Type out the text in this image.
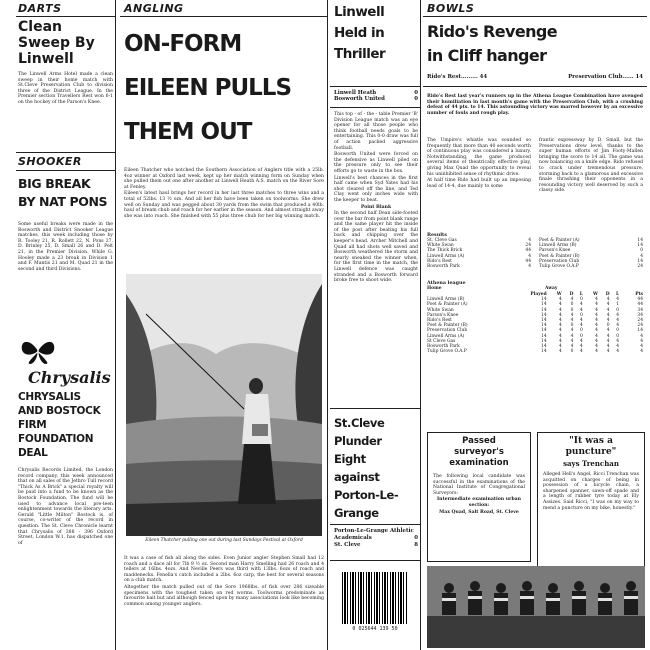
DARTS
Clean
Sweep By
Linwell
The Linwell Arms Hotel made a clean sweep in their home match with St.Cleve Preservation Club to division three of the District League. In the Premier section Travellers Rest won 6-1 on the hockey of the Parson's Knee.
SHOOKER
BIG BREAK
BY NAT PONS
Some useful breaks were made in the Bosworth and District Snooker League matches, this week including those by R. Tooley 21, R. Rollett 22, N. Pons 27, D. Brinley 25, D. Small 26 and D. Pelt 21, in the Premier Division. While G. Hooley made a 23 break in Division 1 and F. Mantis 21 and M. Quad 21 in the second and third Divisions.
Chrysalis
CHRYSALIS
AND BOSTOCK
FIRM
FOUNDATION
DEAL
Chrysalis Records Limited, the London record company, this week announced that on all sales of the Jethro Tull record "Thick As A Brick" a special royalty will be paid into a fund to be known as the Bostock Foundation. The fund will be used to advance local pre-teen enlightenment towards the literary arts. Gerald "Little Milton" Bostock is, of course, co-writer of the record in question. The St. Cleve Chronicle learnt that Chrysalis of 388 - 396 Oxford Street, London W.1. has dispatched one of
ANGLING
ON-FORM
EILEEN PULLS
THEM OUT

Eileen Thatcher who notched the Southern Association of Anglers title with a 25lb. 4oz winner at Oxford last week, kept up her match winning form on Sunday when she pulled them out one after another at Linwell Heath A.S. match on the River Sore at Fenley.

Eileen's latest haul brings her record in her last three matches to three wins and a total of 52lbs. 13 ½ ozs. And all her fish have been taken on toolworms. She drew well on Sunday and was pegged about 30 yards from the swim that produced a 40lb. haul of bream chub and roach for her earlier in the season. And almost straight away she was into roach. She finished with 55 plus three chub for her big winning match.

Eileen Thatcher pulling one out during last Sundays Festival at Oxford

It was a case of fish all along the sides. Even Junior angler Stephen Small had 12 roach and a dace all for 7lb 9 ½ oz. Second man Harry Smelling had 26 roach and 4 tellers at 16lbs. 4ozs. And Neville Peers was third with 13lbs. 6ozs of roach and maddenecks. Fenella's catch included a 2lbs. 6oz carp, the best for several seasons on a club match.

Altogether the match pulled out of the Sore 1968lbs. of fish over 286 sizeable specimens with the toughest taken on red worms. Toolworms predominate as favourite bait but and although fenced upon by many associations look like becoming common among younger anglers.

Linwell
Held in
Thriller
Linwell Heath	0
Bosworth United	0

This top - of - the - table Premier 'B' Division League match was an eye opener for all those people who think football needs goals to be entertaining. This 0-0 draw was full of action packed aggressive football.

Bosworth United were forced on the defensive as Linwell piled on the pressure only to see their efforts go to waste in the box.

Linwell's best chances in the first half came when Syd Yates had his shot cleared off the line, and Ted Clay went only inches wide with the keeper to beat.

Point Blank

In the second half Dean side-footed over the bar from point blank range and the same player hit the inside of the post after beating his full back and chipping over the keeper's head. Archer Mitchell and Quad all had shots well saved and Bosworth weathered the storm and nearly sneaked the winner when, for the first time in the match, the Linwell defence was caught stranded and a Bosworth forward broke free to shoot wide.

St.Cleve
Plunder
Eight
against
Porton-Le-
Grange
Porton-Le-Grange Athletic Academicals	0
St. Cleve	8
0 025644 139 50
BOWLS
Rido's Revenge
in Cliff hanger
Rido's Rest......... 44	Preservation Club...... 14
Rido's Rest last year's runners up in the Athena League Combination have avenged their humiliation in last month's game with the Preservation Club, with a crushing defeat of 44 pts. to 14. This astounding victory was marred however by an excessive number of fouls and rough play.

The Umpire's whistle was sounded so frequently that more than 40 seconds worth of continuous play was considered a luxury. Notwithstanding, the game produced several items of theatrically effective play, giving Max Quad the opportunity to reveal his uninhibited sense of rhythmic drive.

At half time Rido had built up an imposing lead of 14-4, due mainly to some

frantic expressway by D. Small, but the Preservations drew level, thanks to the super human efforts of Jim Footy-Mallen bringing the score to 14 all. The game was now balancing on a knife edge. Rido refused to crack under tremendous pressure, storming back to a glamorous and excessive finale thrashing their opponents in a resounding victory well deserved by such a classy side.
Results
St. Cleve Gas	4
White Swan	24
The Thick Brick	44
Linwell Arms (A)	4
Rido's Rest	44
Bosworth Park	4
Poet & Painter (A)	14
Linwell Arms (B)	14
Parson's Knee	0
Poet & Painter (B)	4
Preservation Club	14
Tulip Grove O.A.P	24
Athena league
Home	Away
	Played	W	D	L	W	D	L	Pts
Linwell Arms (B)	14	4	4	0	4	4	4	44
Poet & Painter (A)	14	4	0	4	4	4	1	44
White Swan	14	4	0	4	4	4	0	34
Parson's Knee	14	4	4	0	4	4	4	34
Rido's Rest	14	4	4	4	4	4	4	24
Poet & Painter (B)	14	4	0	4	4	0	4	24
Preservation Club	14	4	4	0	4	4	0	14
Linwell Arms (A)	14	4	4	0	4	4	0	4
St Cleve Gas	14	4	4	4	4	4	4	4
Bosworth Park	14	4	4	4	4	4	4	4
Tulip Grove O.A.P	14	4	0	4	4	4	4	4
Passed
surveyor's
examination

The following local candidate was successful in the examinations of the National Institute of Congregational Surveyors:

Intermediate examination urban section:

Max Quad, Salt Road, St. Cleve

"It was a
puncture"
says Trenchan
Alleged Hell's Angel, Ricci Trenchan was acquitted on charges of being in possession of a bicycle chain, a sharpened spanner, sawn-off spade and a length of rubber tyre today at Ely Assizes. Said Ricci, "I was on my way to mend a puncture on my bike, honestly."
